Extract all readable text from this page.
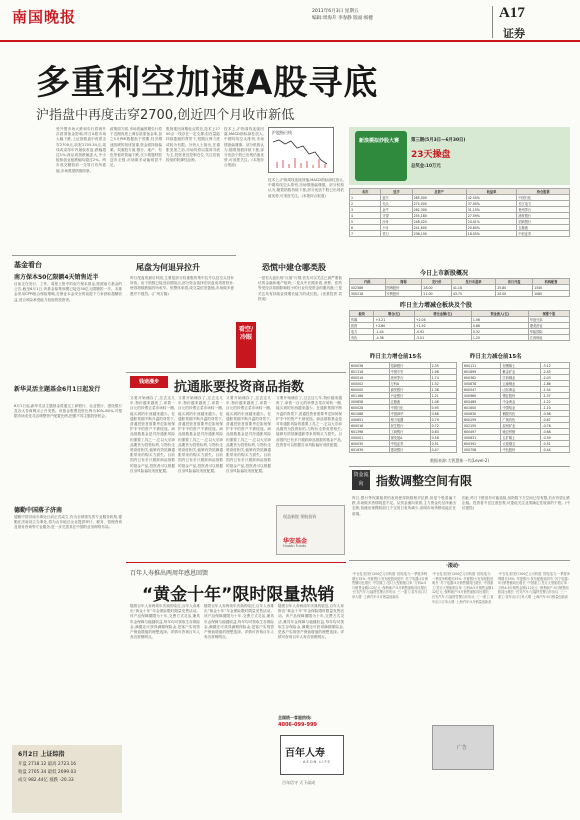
南国晚报	2011年6月3日 星期五
编辑:周海升 李春静 版面:杨健	A17
证券
多重利空加速A股寻底
沪指盘中再度击穿2700,创近四个月收市新低
受外围市场大跌和央行将调升存款准备金影响,昨日A股市场大幅下跌,上证指数盘中再度击穿2700点,收报2705.34点,周线或录得年内最低收盘,跌幅超过1%;深证成指跌幅更大,中小板和创业板跌幅均超过2%。两市成交额较前一交易日有所萎缩,市场观望情绪浓厚。
政策面方面,市场普遍预期央行将于近期再度上调存款准备金率,加之5月PMI数据低于预期,经济增速放缓的担忧加重,资金面持续偏紧。权重股方面,银行、地产、有色等板块普遍下跌,仅少数题材股逆市走强,市场做多动能明显不足。
股指重回前期低点附近,技术上2700点一线存在一定支撑,但在量能持续萎缩的背景下,短期反弹力度或较为有限。分析人士指出,在通胀见顶之前,市场仍将以震荡寻底为主,投资者宜控制仓位,关注估值较低的防御性品种。
技术上,沪指周线连续回落,MACD指标绿柱放大,中期均线空头排列,市场情绪偏谨慎。部分机构认为,随着指数持续下挫,部分优质个股已出现估值优势,可适度关注。(本报综合报道)
技术上,沪指周线连续回落,MACD指标绿柱放大,中期均线空头排列,市场情绪偏谨慎。部分机构认为,随着指数持续下挫,部分优质个股已出现估值优势,可适度关注。(本报综合报道)
沪股指日线
基金看台
南方保本50亿限额4天销售近半
目前正在发行、工作、周报上报中的南方保本基金,按照南方基金的公告,截至6月1日,该基金募集规模已接近50亿元限额的一半。本基金采用CPPI组合保险策略,在保证本金安全的前提下力争获取超额收益,适合风险承受能力较低的投资者。
新华灵活主题基金6月1日起发行
6月1日起,新华灵活主题基金将通过工商银行、农业银行、建设银行及各大券商网点公开发售。该基金股票投资比例为30%-80%,可根据市场变化灵活调整资产配置比例,把握不同主题投资机会。
德勤中国落子济南
德勤中国济南办事处日前正式成立,作为全球领先的专业服务机构,德勤在济南设立办事处,将为山东地区企业提供审计、税务、管理咨询及财务咨询等专业服务,进一步完善其在中国的业务网络布局。
6月2日 上证综指
开盘 2718.12 最高 2723.16
收盘 2705.34 最低 2699.03
成交 982.44亿 涨跌 -20.33
尾盘为何退异拉升
昨日尾盘的最后时段,主要是部分权重股的集中拉升以及空头回补所致。由于指数已接近前期低点,部分资金选择在收盘前适度回补,使得指数跌幅有所收窄。但整体来看,成交量依旧萎缩,市场做多意愿并不强烈。(广州万隆)
看空/冷眼
恐慌中建仓哪类股
一是若大盘出现“反抽”行情,首先可以关注已被严重低估的金融和地产板块;二是从中长期来看,消费、医药等受经济周期影响较小的行业仍是资金的避风港;三是关注具有持续业绩增长能力的成长股。(世基投资 袁铁成)
钱途漫步	抗通胀要投资商品指数
又要开始储存了,过去这几年,物价越来越贵了,拿着一百元的钞票去菜市场转一圈,能买到的东西越来越少。在通胀预期不断升温的背景下,普通投资者需要考虑如何保护手中的资产不被侵蚀。商品指数基金是对冲通胀风险的重要工具之一,它以大宗商品期货为投资标的,与物价走势高度相关,能够有效抵御通胀带来的购买力损失。目前国内已有多只跟踪商品指数的基金产品,投资者可以根据自身风险偏好适度配置。
又要开始储存了,过去这几年,物价越来越贵了,拿着一百元的钞票去菜市场转一圈,能买到的东西越来越少。在通胀预期不断升温的背景下,普通投资者需要考虑如何保护手中的资产不被侵蚀。商品指数基金是对冲通胀风险的重要工具之一,它以大宗商品期货为投资标的,与物价走势高度相关,能够有效抵御通胀带来的购买力损失。目前国内已有多只跟踪商品指数的基金产品,投资者可以根据自身风险偏好适度配置。
又要开始储存了,过去这几年,物价越来越贵了,拿着一百元的钞票去菜市场转一圈,能买到的东西越来越少。在通胀预期不断升温的背景下,普通投资者需要考虑如何保护手中的资产不被侵蚀。商品指数基金是对冲通胀风险的重要工具之一,它以大宗商品期货为投资标的,与物价走势高度相关,能够有效抵御通胀带来的购买力损失。目前国内已有多只跟踪商品指数的基金产品,投资者可以根据自身风险偏好适度配置。
又要开始储存了,过去这几年,物价越来越贵了,拿着一百元的钞票去菜市场转一圈,能买到的东西越来越少。在通胀预期不断升温的背景下,普通投资者需要考虑如何保护手中的资产不被侵蚀。商品指数基金是对冲通胀风险的重要工具之一,它以大宗商品期货为投资标的,与物价走势高度相关,能够有效抵御通胀带来的购买力损失。目前国内已有多只跟踪商品指数的基金产品,投资者可以根据自身风险偏好适度配置。
华安基金
HuaAn Funds
权益新锐 领航投资
百年人寿推出两周年感恩回馈
“黄金十年”限时限量热销
随着百年人寿两周年庆典的临近,百年人寿推出“黄金十年”年金保险限时限量发售活动。该产品保障期限为十年,交费方式灵活,兼具年金保障与稳健收益,每年均可领取生存保险金,满期还可获得满期保险金,是客户实现资产保值增值的理想选择。详情可咨询百年人寿各营销网点。
随着百年人寿两周年庆典的临近,百年人寿推出“黄金十年”年金保险限时限量发售活动。该产品保障期限为十年,交费方式灵活,兼具年金保障与稳健收益,每年均可领取生存保险金,满期还可获得满期保险金,是客户实现资产保值增值的理想选择。详情可咨询百年人寿各营销网点。
随着百年人寿两周年庆典的临近,百年人寿推出“黄金十年”年金保险限时限量发售活动。该产品保障期限为十年,交费方式灵活,兼具年金保障与稳健收益,每年均可领取生存保险金,满期还可获得满期保险金,是客户实现资产保值增值的理想选择。详情可咨询百年人寿各营销网点。
全国统一客服热线:
4006-099-999
百年人寿
AEON LIFE
百年信守 天下高成
新浪模拟炒股大赛	第三期(5月3日—6月30日)
23天操盘
总奖金:10万元
名次	选手	总资产	收益率	持仓股票
1	蓝天	285,000	42.50%	中国石化
2	光头	274,000	37.00%	长江电力
3	金牛	262,300	31.15%	贵州茅台
4	守望	255,180	27.59%	浦发银行
5	沙舟	248,020	24.01%	招商银行
6	小月	241,600	20.80%	五粮液
7	老刀	236,100	18.05%	中信证券
今日上市新股概况
代码	简称	发行价	发行市盈率	首日开盘	机构配售
002586	围海股份	28.00	41.18	25.80	1340
300218	安利股份	21.00	43.75	20.00	1080
昨日主力增减仓板块及个股
板块	增仓(亿)	增仓金额(亿)	资金流入(亿)	领涨个股
传媒	+3.21	+2.05	1.06	华谊兄弟
医药	+2.80	+1.92	0.88	康美药业
电力	-1.44	-0.92	0.32	华能国际
有色	-4.36	-3.01	1.20	江西铜业
昨日主力增仓前15名	昨日主力减仓前15名
600036	招商银行	2.35
601318	中国平安	1.98
600519	贵州茅台	1.74
000002	万科A	1.52
600000	浦发银行	1.38
601166	兴业银行	1.21
000858	五粮液	1.06
600028	中国石化	0.95
601088	中国神华	0.88
000651	格力电器	0.79
600016	民生银行	0.72
601398	工商银行	0.64
000001	深发展A	0.58
600030	中信证券	0.51
601939	建设银行	0.47
600111	包钢稀土	-3.12
601899	紫金矿业	-2.45
600362	江西铜业	-2.03
000878	云南铜业	-1.86
600547	山东黄金	-1.54
000960	锡业股份	-1.37
600489	中金黄金	-1.22
601600	中国铝业	-1.10
000630	铜陵有色	-0.98
600259	广晟有色	-0.87
002155	辰州矿业	-0.76
600497	驰宏锌锗	-0.68
000831	五矿稀土	-0.59
600392	太原刚玉	-0.51
000758	中色股份	-0.44
数据来源:大智慧新一代(Level-2)
资金流向	指数调整空间有限
昨日,银行等权重板块的表现使得指数相对抗跌,但是个股普遍下跌,市场做多热情明显不足。从资金流向来看,主力资金仍呈净流出态势,但流出规模较前几个交易日有所减少,说明市场杀跌动能正在衰竭。
因此,昨日下跌虽有可能延续,但指数下方空间已经有限,后市有望止跌企稳。投资者不宜过度悲观,可逢低关注业绩确定性较高的个股。(中信建投)
·滚动·
·中石化:拟发行200亿元可转债 ·国电电力:一季度净利增长35% ·华夏银行:发布配股说明书 ·苏宁电器:5月销售额同比增长 ·中国重工:签订大型船舶订单 ·万科A:5月销售金额112亿元 ·保利地产:5月销售面积同比增长 ·长安汽车:与福特签署合作协议 ·三一重工:泵车出口订单大增 ·上海汽车:5月销量创新高
·中石化:拟发行200亿元可转债 ·国电电力:一季度净利增长35% ·华夏银行:发布配股说明书 ·苏宁电器:5月销售额同比增长 ·中国重工:签订大型船舶订单 ·万科A:5月销售金额112亿元 ·保利地产:5月销售面积同比增长 ·长安汽车:与福特签署合作协议 ·三一重工:泵车出口订单大增 ·上海汽车:5月销量创新高
·中石化:拟发行200亿元可转债 ·国电电力:一季度净利增长35% ·华夏银行:发布配股说明书 ·苏宁电器:5月销售额同比增长 ·中国重工:签订大型船舶订单 ·万科A:5月销售金额112亿元 ·保利地产:5月销售面积同比增长 ·长安汽车:与福特签署合作协议 ·三一重工:泵车出口订单大增 ·上海汽车:5月销量创新高
广告
